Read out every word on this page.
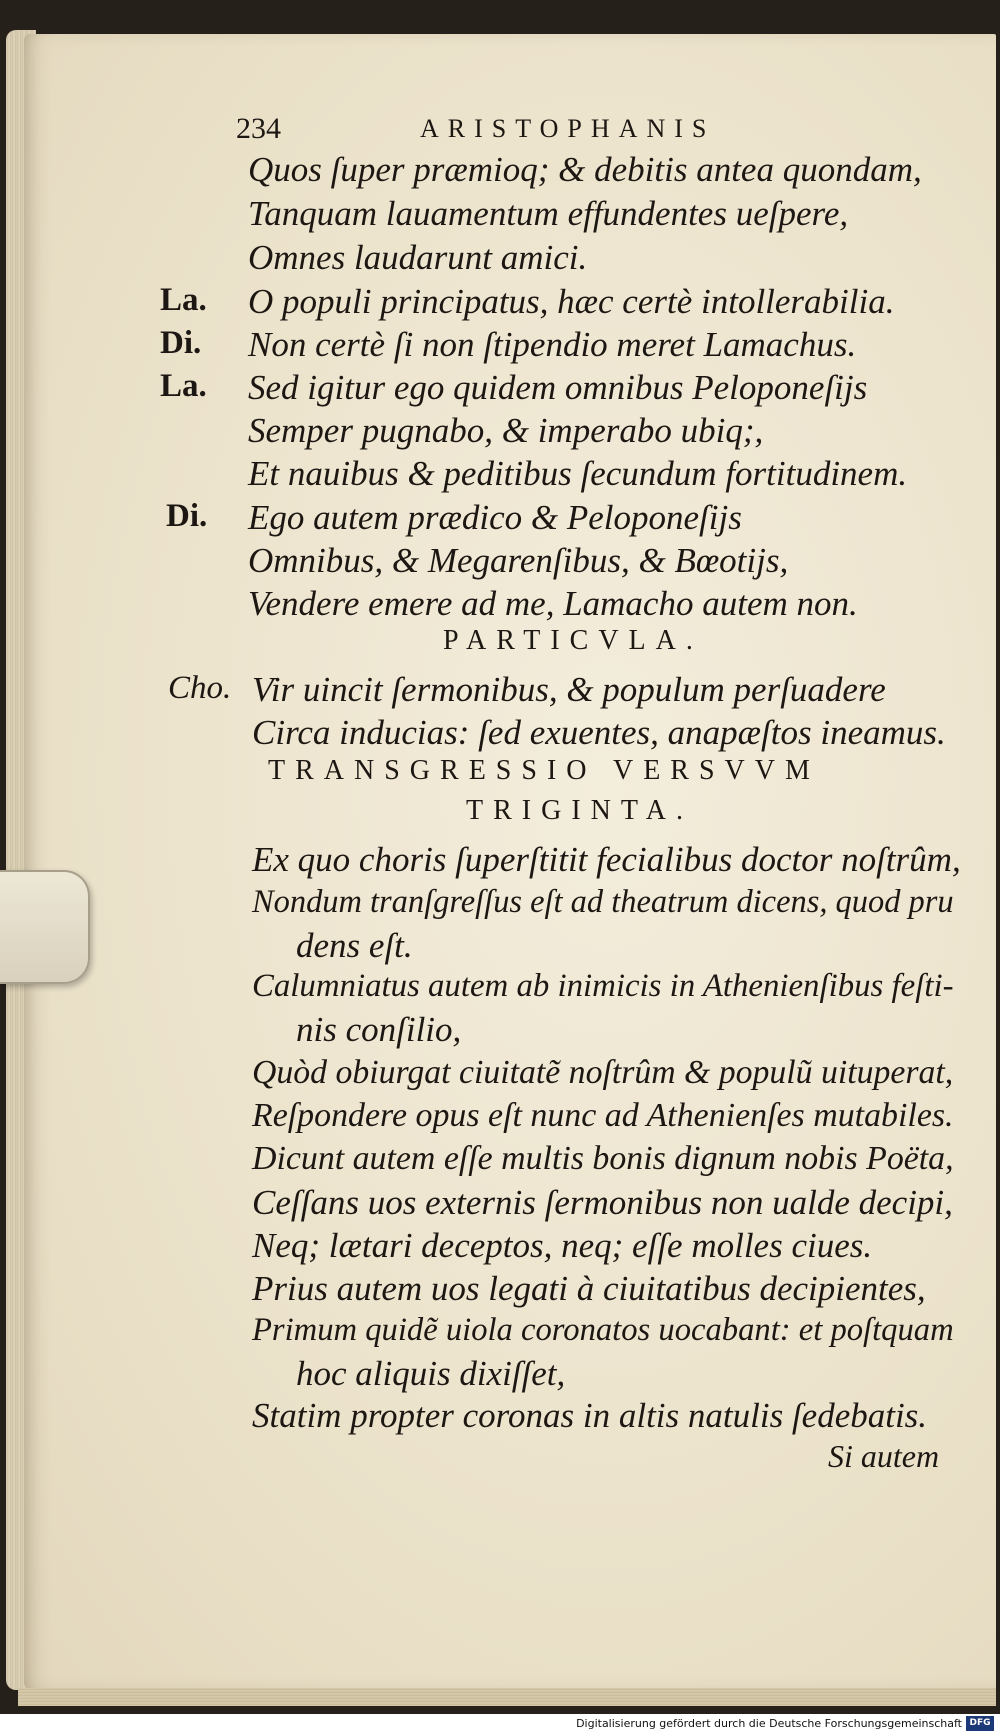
234	ARISTOPHANIS
Quos ſuper præmioq; & debitis antea quondam,
Tanquam lauamentum effundentes ueſpere,
Omnes laudarunt amici.
La. O populi principatus, hæc certè intollerabilia.
Di. Non certè ſi non ſtipendio meret Lamachus.
La. Sed igitur ego quidem omnibus Peloponeſijs
Semper pugnabo, & imperabo ubiq;,
Et nauibus & peditibus ſecundum fortitudinem.
Di. Ego autem prædico & Peloponeſijs
Omnibus, & Megarenſibus, & Bœotijs,
Vendere emere ad me, Lamacho autem non.
PARTICVLA.
Cho. Vir uincit ſermonibus, & populum perſuadere
Circa inducias: ſed exuentes, anapæſtos ineamus.
TRANSGRESSIO VERSVVM
TRIGINTA.
Ex quo choris ſuperſtitit fecialibus doctor noſtrûm,
Nondum tranſgreſſus eſt ad theatrum dicens, quod pru
dens eſt.
Calumniatus autem ab inimicis in Athenienſibus feſti-
nis conſilio,
Quòd obiurgat ciuitatẽ noſtrûm & populũ uituperat,
Reſpondere opus eſt nunc ad Athenienſes mutabiles.
Dicunt autem eſſe multis bonis dignum nobis Poëta,
Ceſſans uos externis ſermonibus non ualde decipi,
Neq; lætari deceptos, neq; eſſe molles ciues.
Prius autem uos legati à ciuitatibus decipientes,
Primum quidẽ uiola coronatos uocabant: et poſtquam
hoc aliquis dixiſſet,
Statim propter coronas in altis natulis ſedebatis.
Si autem
Digitalisierung gefördert durch die Deutsche Forschungsgemeinschaft DFG
